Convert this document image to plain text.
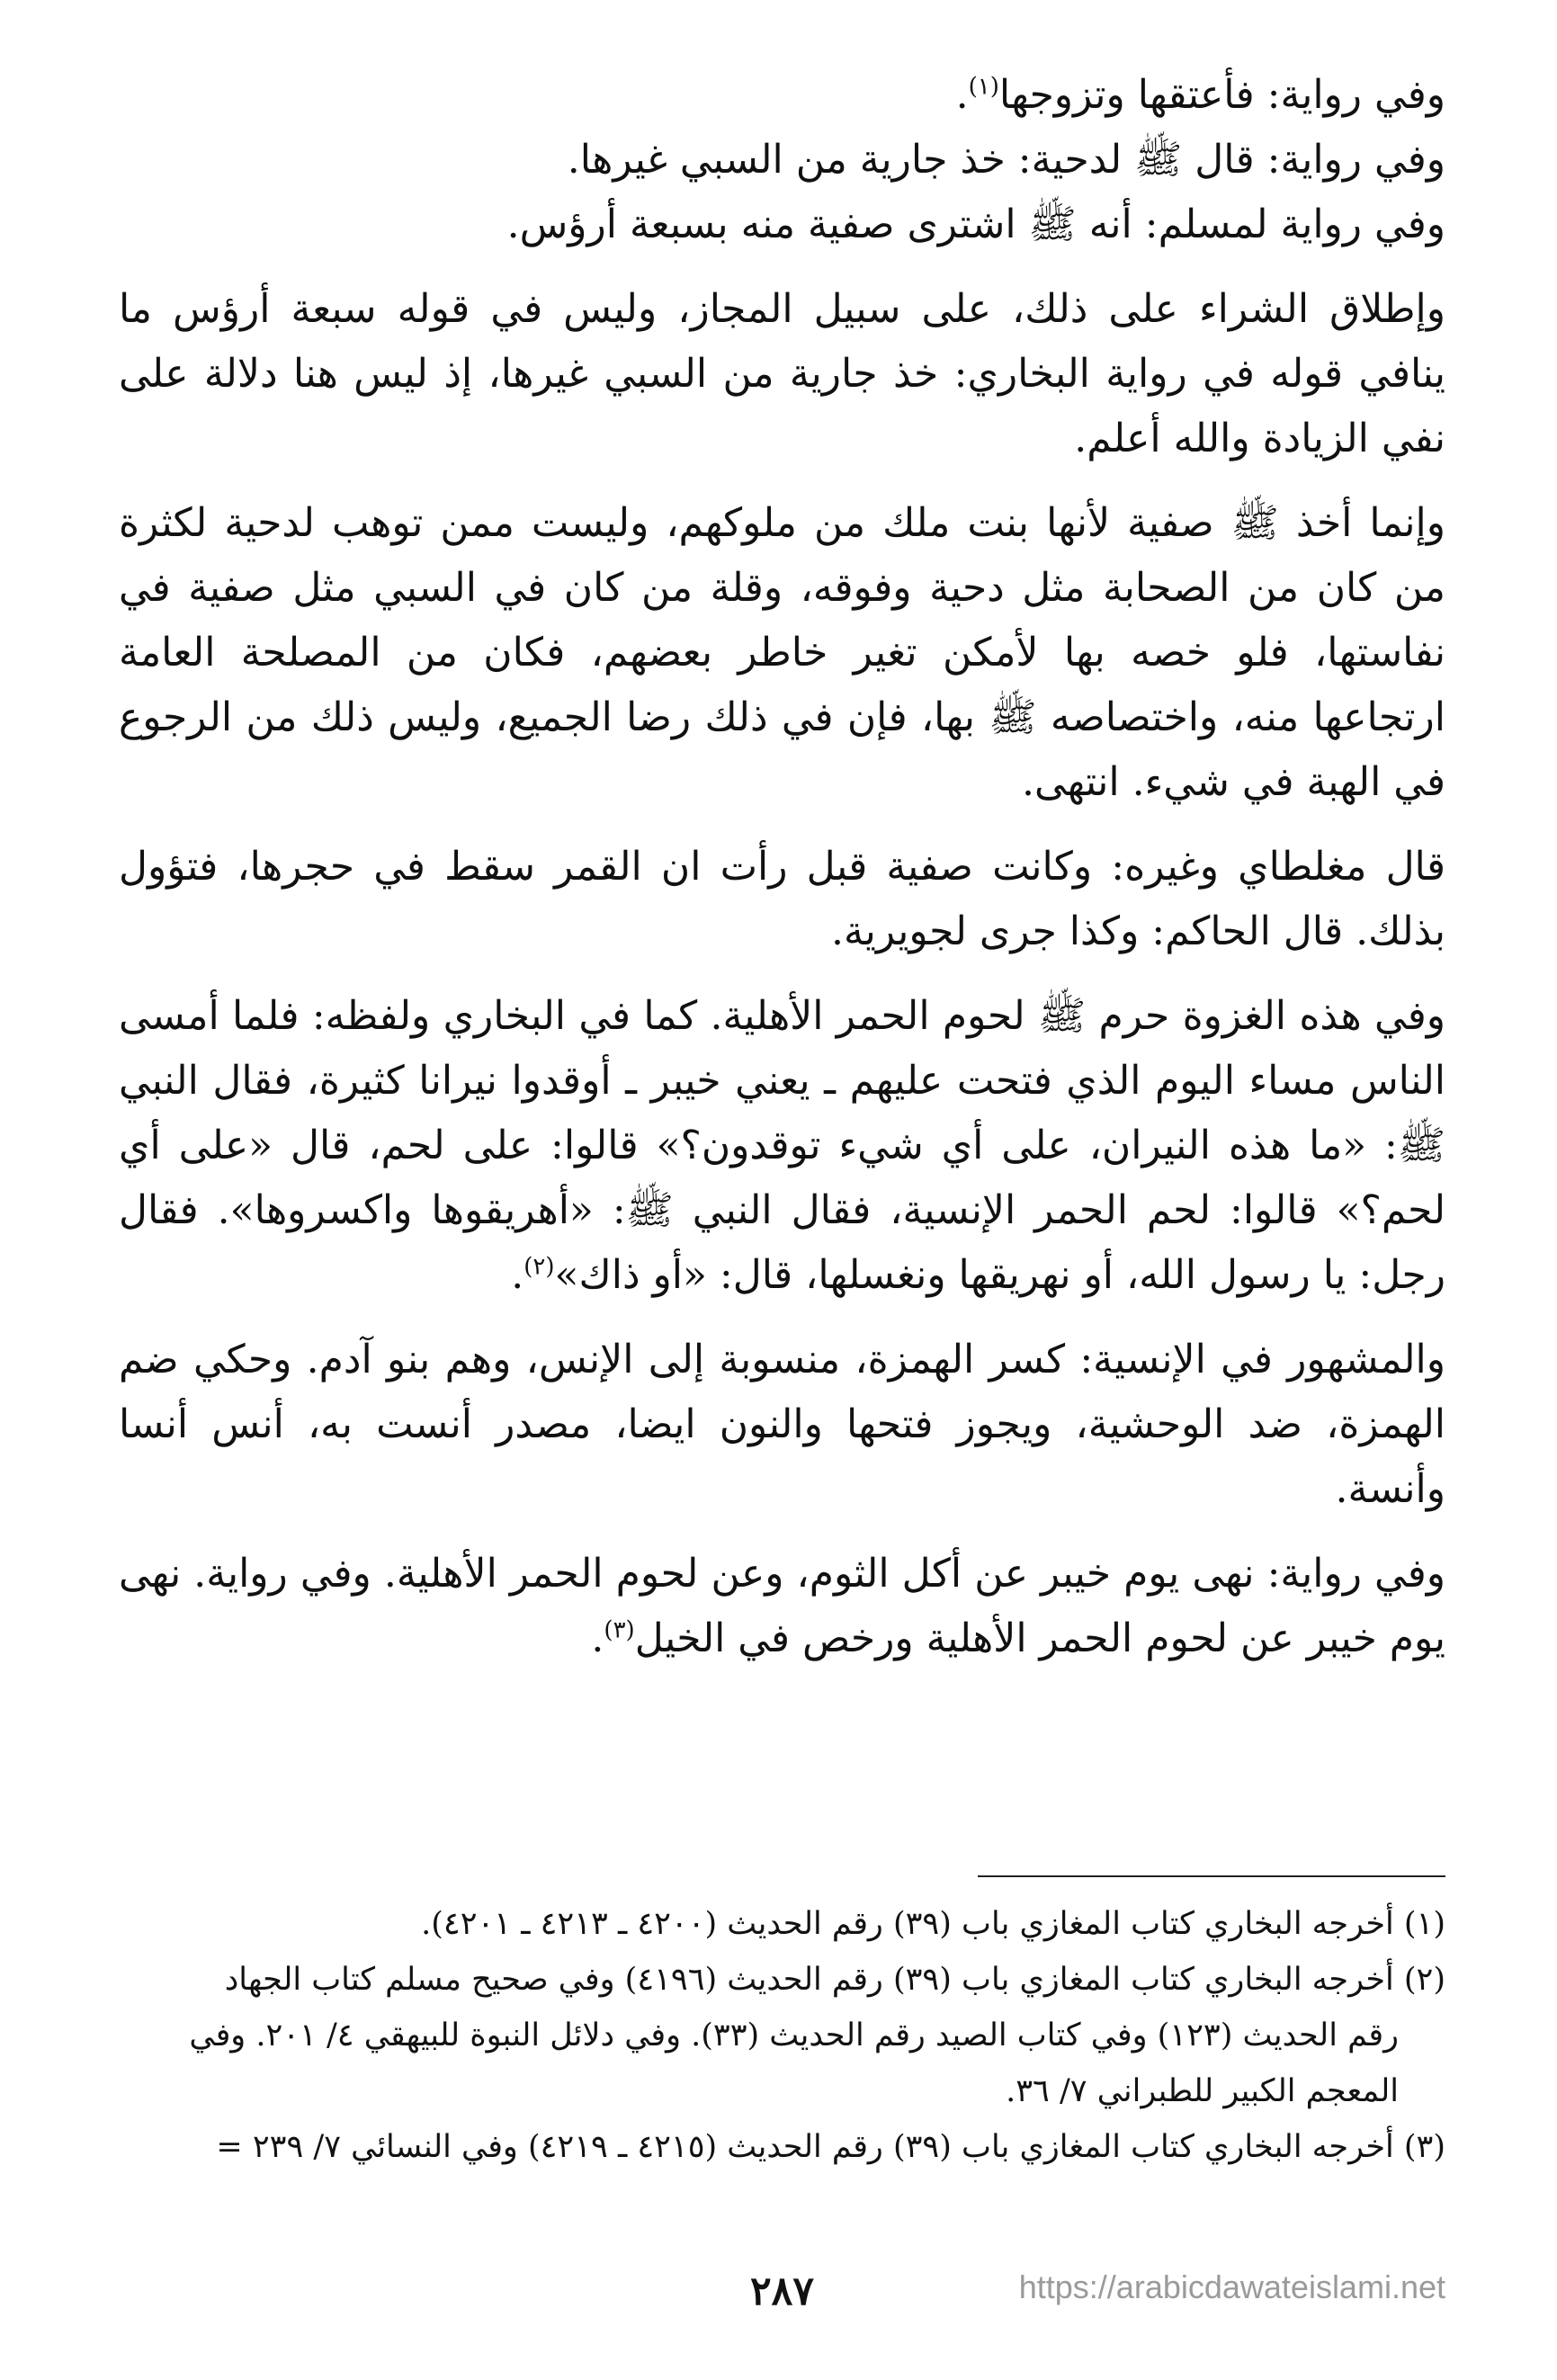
وفي رواية: فأعتقها وتزوجها$^{(١)}$.
وفي رواية: قال ﷺ لدحية: خذ جارية من السبي غيرها.
وفي رواية لمسلم: أنه ﷺ اشترى صفية منه بسبعة أرؤس.

وإطلاق الشراء على ذلك، على سبيل المجاز، وليس في قوله سبعة أرؤس ما ينافي قوله في رواية البخاري: خذ جارية من السبي غيرها، إذ ليس هنا دلالة على نفي الزيادة والله أعلم.

وإنما أخذ ﷺ صفية لأنها بنت ملك من ملوكهم، وليست ممن توهب لدحية لكثرة من كان من الصحابة مثل دحية وفوقه، وقلة من كان في السبي مثل صفية في نفاستها، فلو خصه بها لأمكن تغير خاطر بعضهم، فكان من المصلحة العامة ارتجاعها منه، واختصاصه ﷺ بها، فإن في ذلك رضا الجميع، وليس ذلك من الرجوع في الهبة في شيء. انتهى.

قال مغلطاي وغيره: وكانت صفية قبل رأت ان القمر سقط في حجرها، فتؤول بذلك. قال الحاكم: وكذا جرى لجويرية.

وفي هذه الغزوة حرم ﷺ لحوم الحمر الأهلية. كما في البخاري ولفظه: فلما أمسى الناس مساء اليوم الذي فتحت عليهم ـ يعني خيبر ـ أوقدوا نيرانا كثيرة، فقال النبي ﷺ: «ما هذه النيران، على أي شيء توقدون؟» قالوا: على لحم، قال «على أي لحم؟» قالوا: لحم الحمر الإنسية، فقال النبي ﷺ: «أهريقوها واكسروها». فقال رجل: يا رسول الله، أو نهريقها ونغسلها، قال: «أو ذاك»$^{(٢)}$.

والمشهور في الإنسية: كسر الهمزة، منسوبة إلى الإنس، وهم بنو آدم. وحكي ضم الهمزة، ضد الوحشية، ويجوز فتحها والنون ايضا، مصدر أنست به، أنس أنسا وأنسة.

وفي رواية: نهى يوم خيبر عن أكل الثوم، وعن لحوم الحمر الأهلية. وفي رواية. نهى يوم خيبر عن لحوم الحمر الأهلية ورخص في الخيل$^{(٣)}$.

(١) أخرجه البخاري كتاب المغازي باب (٣٩) رقم الحديث (٤٢٠٠ ـ ٤٢١٣ ـ ٤٢٠١).

(٢) أخرجه البخاري كتاب المغازي باب (٣٩) رقم الحديث (٤١٩٦) وفي صحيح مسلم كتاب الجهاد
رقم الحديث (١٢٣) وفي كتاب الصيد رقم الحديث (٣٣). وفي دلائل النبوة للبيهقي ٤/ ٢٠١. وفي
المعجم الكبير للطبراني ٧/ ٣٦.

(٣) أخرجه البخاري كتاب المغازي باب (٣٩) رقم الحديث (٤٢١٥ ـ ٤٢١٩) وفي النسائي ٧/ ٢٣٩ =

٢٨٧	https://arabicdawateislami.net
